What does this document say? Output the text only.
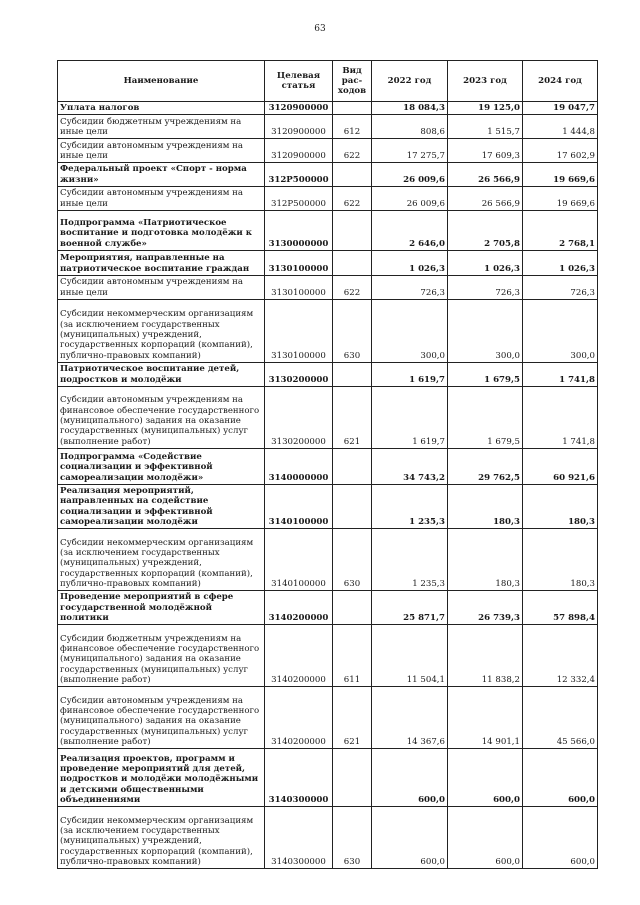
63
Наименование	Целевая статья	Вид рас-ходов	2022 год	2023 год	2024 год
Уплата налогов	3120900000		18 084,3	19 125,0	19 047,7
Субсидии бюджетным учреждениям на иные цели	3120900000	612	808,6	1 515,7	1 444,8
Субсидии автономным учреждениям на иные цели	3120900000	622	17 275,7	17 609,3	17 602,9
Федеральный проект «Спорт - норма жизни»	312P500000		26 009,6	26 566,9	19 669,6
Субсидии автономным учреждениям на иные цели	312P500000	622	26 009,6	26 566,9	19 669,6
Подпрограмма «Патриотическое воспитание и подготовка молодёжи к военной службе»	3130000000		2 646,0	2 705,8	2 768,1
Мероприятия, направленные на патриотическое воспитание граждан	3130100000		1 026,3	1 026,3	1 026,3
Субсидии автономным учреждениям на иные цели	3130100000	622	726,3	726,3	726,3
Субсидии некоммерческим организациям (за исключением государственных (муниципальных) учреждений, государственных корпораций (компаний), публично-правовых компаний)	3130100000	630	300,0	300,0	300,0
Патриотическое воспитание детей, подростков и молодёжи	3130200000		1 619,7	1 679,5	1 741,8
Субсидии автономным учреждениям на финансовое обеспечение государственного (муниципального) задания на оказание государственных (муниципальных) услуг (выполнение работ)	3130200000	621	1 619,7	1 679,5	1 741,8
Подпрограмма «Содействие социализации и эффективной самореализации молодёжи»	3140000000		34 743,2	29 762,5	60 921,6
Реализация мероприятий, направленных на содействие социализации и эффективной самореализации молодёжи	3140100000		1 235,3	180,3	180,3
Субсидии некоммерческим организациям (за исключением государственных (муниципальных) учреждений, государственных корпораций (компаний), публично-правовых компаний)	3140100000	630	1 235,3	180,3	180,3
Проведение мероприятий в сфере государственной молодёжной политики	3140200000		25 871,7	26 739,3	57 898,4
Субсидии бюджетным учреждениям на финансовое обеспечение государственного (муниципального) задания на оказание государственных (муниципальных) услуг (выполнение работ)	3140200000	611	11 504,1	11 838,2	12 332,4
Субсидии автономным учреждениям на финансовое обеспечение государственного (муниципального) задания на оказание государственных (муниципальных) услуг (выполнение работ)	3140200000	621	14 367,6	14 901,1	45 566,0
Реализация проектов, программ и проведение мероприятий для детей, подростков и молодёжи молодёжными и детскими общественными объединениями	3140300000		600,0	600,0	600,0
Субсидии некоммерческим организациям (за исключением государственных (муниципальных) учреждений, государственных корпораций (компаний), публично-правовых компаний)	3140300000	630	600,0	600,0	600,0
